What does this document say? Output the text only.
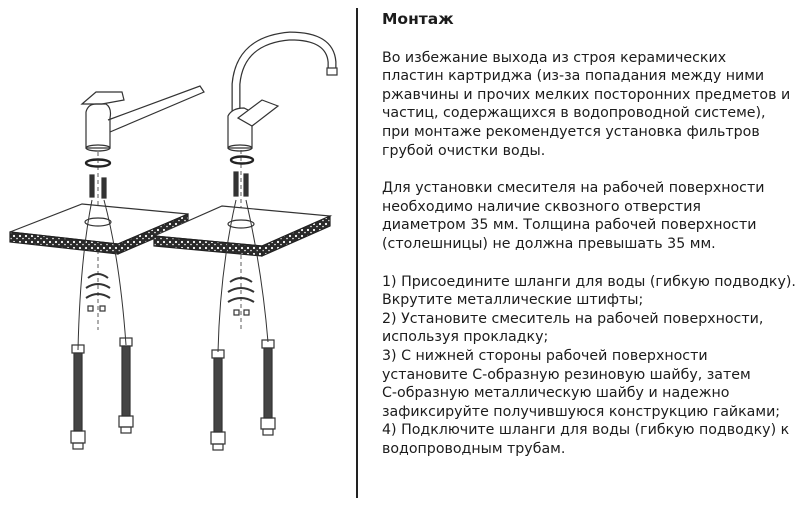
Монтаж
Во избежание выхода из строя керамических
пластин картриджа (из-за попадания между ними
ржавчины и прочих мелких посторонних предметов и
частиц, содержащихся в водопроводной системе),
при монтаже рекомендуется установка фильтров
грубой очистки воды.
Для установки смесителя на рабочей поверхности
необходимо наличие сквозного отверстия
диаметром 35 мм. Толщина рабочей поверхности
(столешницы) не должна превышать 35 мм.
1) Присоедините шланги для воды (гибкую подводку).
Вкрутите металлические штифты;
2) Установите смеситель на рабочей поверхности,
используя прокладку;
3) С нижней стороны рабочей поверхности
установите С-образную резиновую шайбу, затем
С-образную металлическую шайбу и надежно
зафиксируйте получившуюся конструкцию гайками;
4) Подключите шланги для воды (гибкую подводку) к
водопроводным трубам.
